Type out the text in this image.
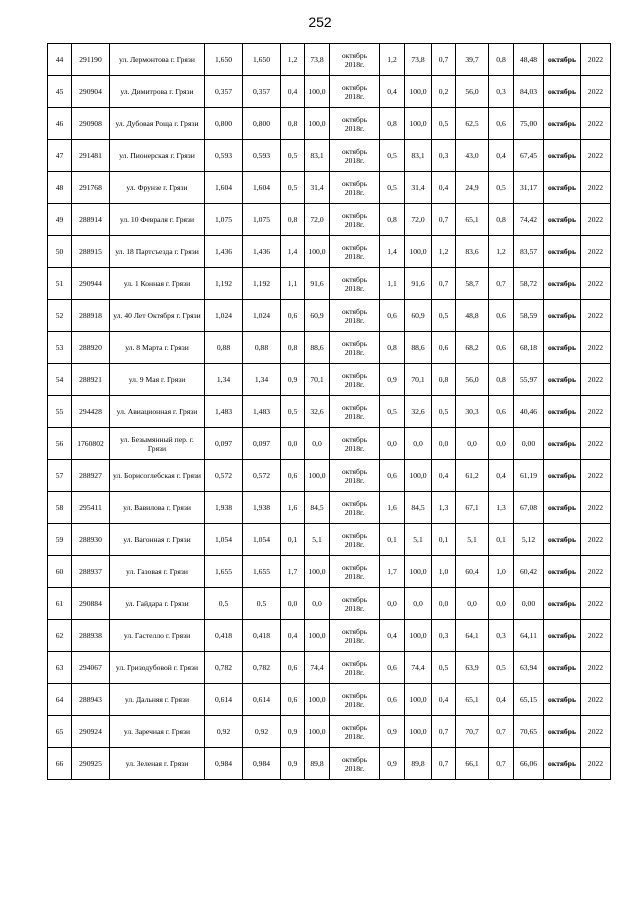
252
44	291190	ул. Лермонтова г. Грязи	1,650	1,650	1,2	73,8	октябрь 2018г.	1,2	73,8	0,7	39,7	0,8	48,48	октябрь	2022
45	290904	ул. Димитрова г. Грязи	0,357	0,357	0,4	100,0	октябрь 2018г.	0,4	100,0	0,2	56,0	0,3	84,03	октябрь	2022
46	290908	ул. Дубовая Роща г. Грязи	0,800	0,800	0,8	100,0	октябрь 2018г.	0,8	100,0	0,5	62,5	0,6	75,00	октябрь	2022
47	291481	ул. Пионерская г. Грязи	0,593	0,593	0,5	83,1	октябрь 2018г.	0,5	83,1	0,3	43,0	0,4	67,45	октябрь	2022
48	291768	ул. Фрунзе г. Грязи	1,604	1,604	0,5	31,4	октябрь 2018г.	0,5	31,4	0,4	24,9	0,5	31,17	октябрь	2022
49	288914	ул. 10 Февраля г. Грязи	1,075	1,075	0,8	72,0	октябрь 2018г.	0,8	72,0	0,7	65,1	0,8	74,42	октябрь	2022
50	288915	ул. 18 Партсъезда г. Грязи	1,436	1,436	1,4	100,0	октябрь 2018г.	1,4	100,0	1,2	83,6	1,2	83,57	октябрь	2022
51	290944	ул. 1 Конная г. Грязи	1,192	1,192	1,1	91,6	октябрь 2018г.	1,1	91,6	0,7	58,7	0,7	58,72	октябрь	2022
52	288918	ул. 40 Лет Октября г. Грязи	1,024	1,024	0,6	60,9	октябрь 2018г.	0,6	60,9	0,5	48,8	0,6	58,59	октябрь	2022
53	288920	ул. 8 Марта г. Грязи	0,88	0,88	0,8	88,6	октябрь 2018г.	0,8	88,6	0,6	68,2	0,6	68,18	октябрь	2022
54	288921	ул. 9 Мая г. Грязи	1,34	1,34	0,9	70,1	октябрь 2018г.	0,9	70,1	0,8	56,0	0,8	55,97	октябрь	2022
55	294428	ул. Авиационная г. Грязи	1,483	1,483	0,5	32,6	октябрь 2018г.	0,5	32,6	0,5	30,3	0,6	40,46	октябрь	2022
56	1760802	ул. Безымянный пер. г. Грязи	0,097	0,097	0,0	0,0	октябрь 2018г.	0,0	0,0	0,0	0,0	0,0	0,00	октябрь	2022
57	288927	ул. Борисоглебская г. Грязи	0,572	0,572	0,6	100,0	октябрь 2018г.	0,6	100,0	0,4	61,2	0,4	61,19	октябрь	2022
58	295411	ул. Вавилова г. Грязи	1,938	1,938	1,6	84,5	октябрь 2018г.	1,6	84,5	1,3	67,1	1,3	67,08	октябрь	2022
59	288930	ул. Вагонная г. Грязи	1,054	1,054	0,1	5,1	октябрь 2018г.	0,1	5,1	0,1	5,1	0,1	5,12	октябрь	2022
60	288937	ул. Газовая г. Грязи	1,655	1,655	1,7	100,0	октябрь 2018г.	1,7	100,0	1,0	60,4	1,0	60,42	октябрь	2022
61	290884	ул. Гайдара г. Грязи	0,5	0,5	0,0	0,0	октябрь 2018г.	0,0	0,0	0,0	0,0	0,0	0,00	октябрь	2022
62	288938	ул. Гастелло г. Грязи	0,418	0,418	0,4	100,0	октябрь 2018г.	0,4	100,0	0,3	64,1	0,3	64,11	октябрь	2022
63	294067	ул. Гризодубовой г. Грязи	0,782	0,782	0,6	74,4	октябрь 2018г.	0,6	74,4	0,5	63,9	0,5	63,94	октябрь	2022
64	288943	ул. Дальняя г. Грязи	0,614	0,614	0,6	100,0	октябрь 2018г.	0,6	100,0	0,4	65,1	0,4	65,15	октябрь	2022
65	290924	ул. Заречная г. Грязи	0,92	0,92	0,9	100,0	октябрь 2018г.	0,9	100,0	0,7	70,7	0,7	70,65	октябрь	2022
66	290925	ул. Зеленая г. Грязи	0,984	0,984	0,9	89,8	октябрь 2018г.	0,9	89,8	0,7	66,1	0,7	66,06	октябрь	2022
